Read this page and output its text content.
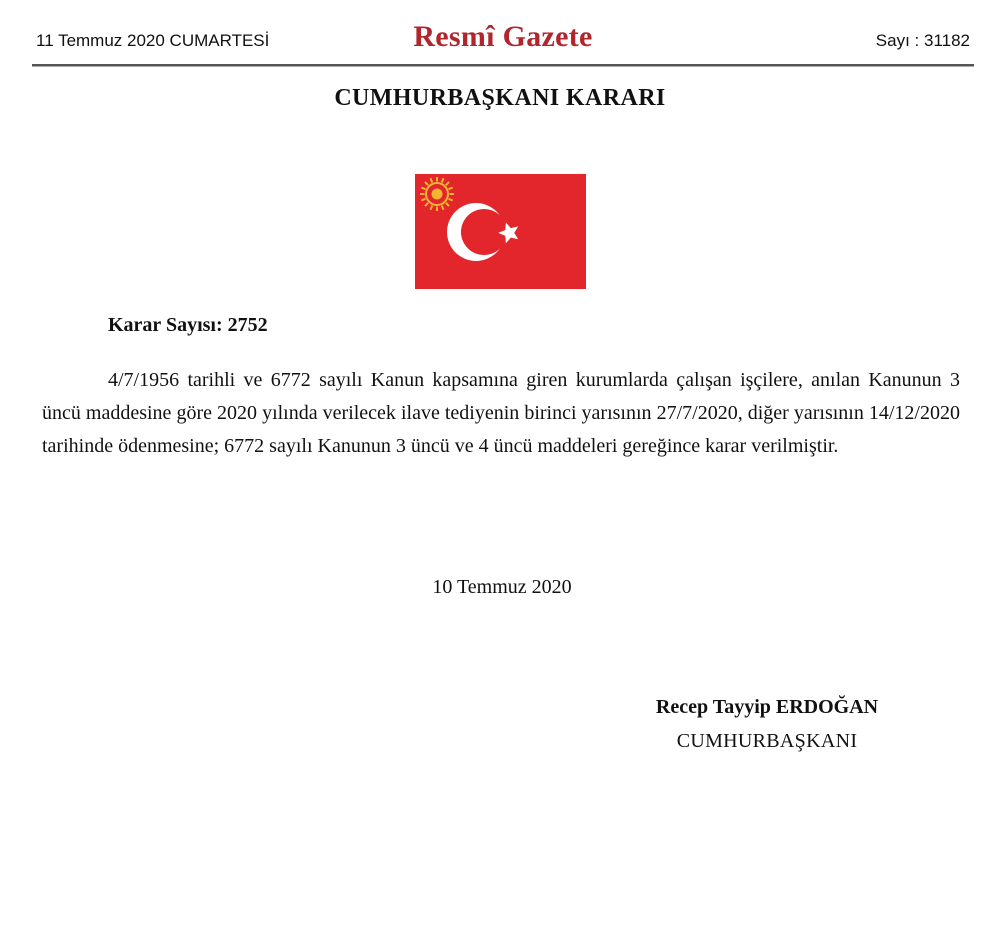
11 Temmuz 2020 CUMARTESİ	Resmî Gazete	Sayı : 31182
CUMHURBAŞKANI KARARI
Karar Sayısı: 2752

4/7/1956 tarihli ve 6772 sayılı Kanun kapsamına giren kurumlarda çalışan işçilere, anılan Kanunun 3 üncü maddesine göre 2020 yılında verilecek ilave tediyenin birinci yarısının 27/7/2020, diğer yarısının 14/12/2020 tarihinde ödenmesine; 6772 sayılı Kanunun 3 üncü ve 4 üncü maddeleri gereğince karar verilmiştir.

10 Temmuz 2020
Recep Tayyip ERDOĞAN
CUMHURBAŞKANI
